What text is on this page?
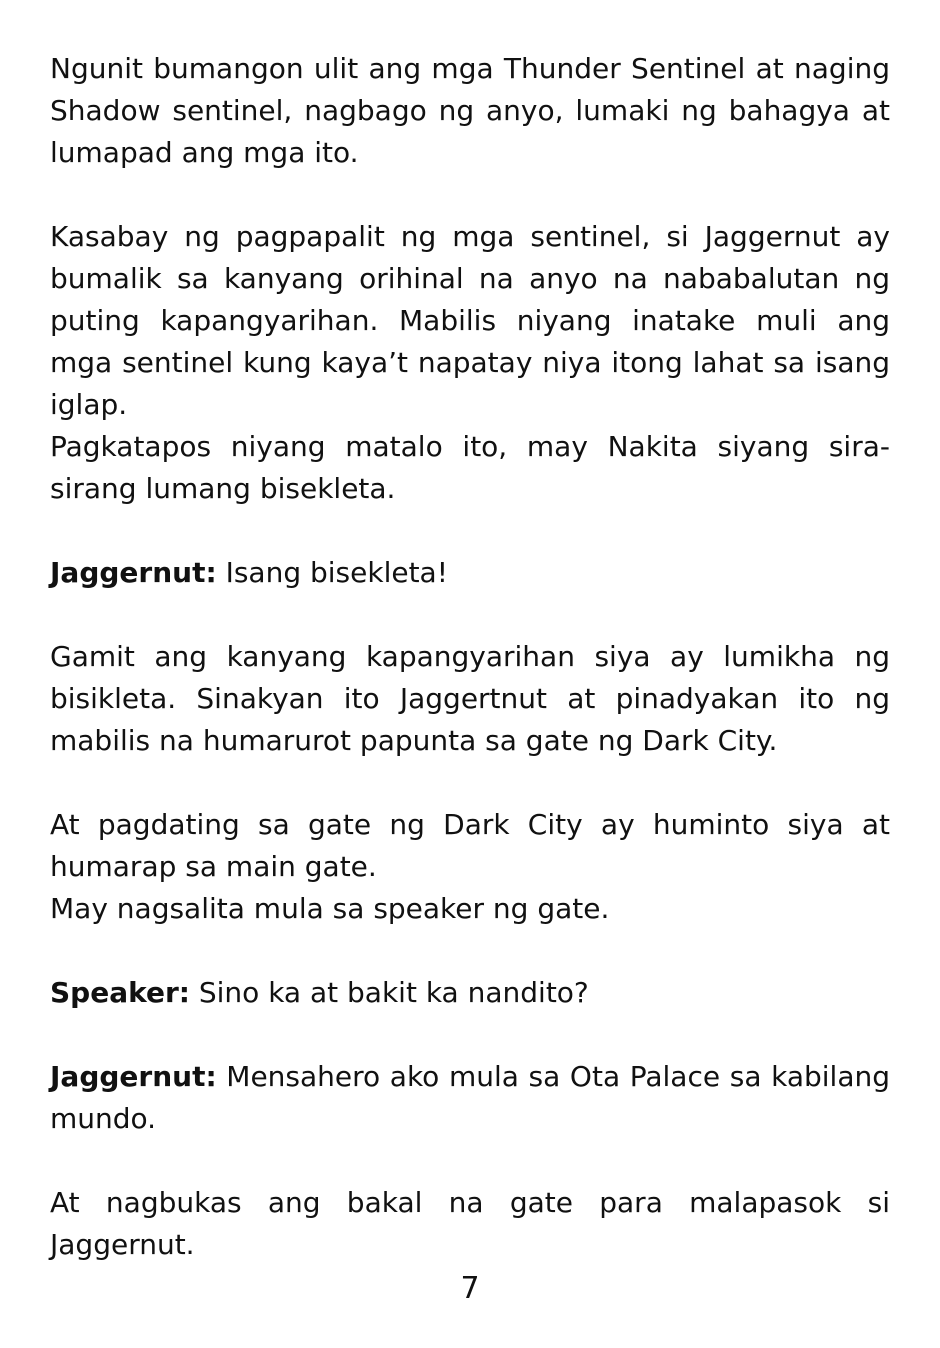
Ngunit bumangon ulit ang mga Thunder Sentinel at naging Shadow sentinel, nagbago ng anyo, lumaki ng bahagya at lumapad ang mga ito.

Kasabay ng pagpapalit ng mga sentinel, si Jaggernut ay bumalik sa kanyang orihinal na anyo na nababalutan ng puting kapangyarihan. Mabilis niyang inatake muli ang mga sentinel kung kaya’t napatay niya itong lahat sa isang iglap.

Pagkatapos niyang matalo ito, may Nakita siyang sira-sirang lumang bisekleta.

Jaggernut: Isang bisekleta!

Gamit ang kanyang kapangyarihan siya ay lumikha ng bisikleta. Sinakyan ito Jaggertnut at pinadyakan ito ng mabilis na humarurot papunta sa gate ng Dark City.

At pagdating sa gate ng Dark City ay huminto siya at humarap sa main gate.

May nagsalita mula sa speaker ng gate.

Speaker: Sino ka at bakit ka nandito?

Jaggernut: Mensahero ako mula sa Ota Palace sa kabilang mundo.

At nagbukas ang bakal na gate para malapasok si Jaggernut.

7
